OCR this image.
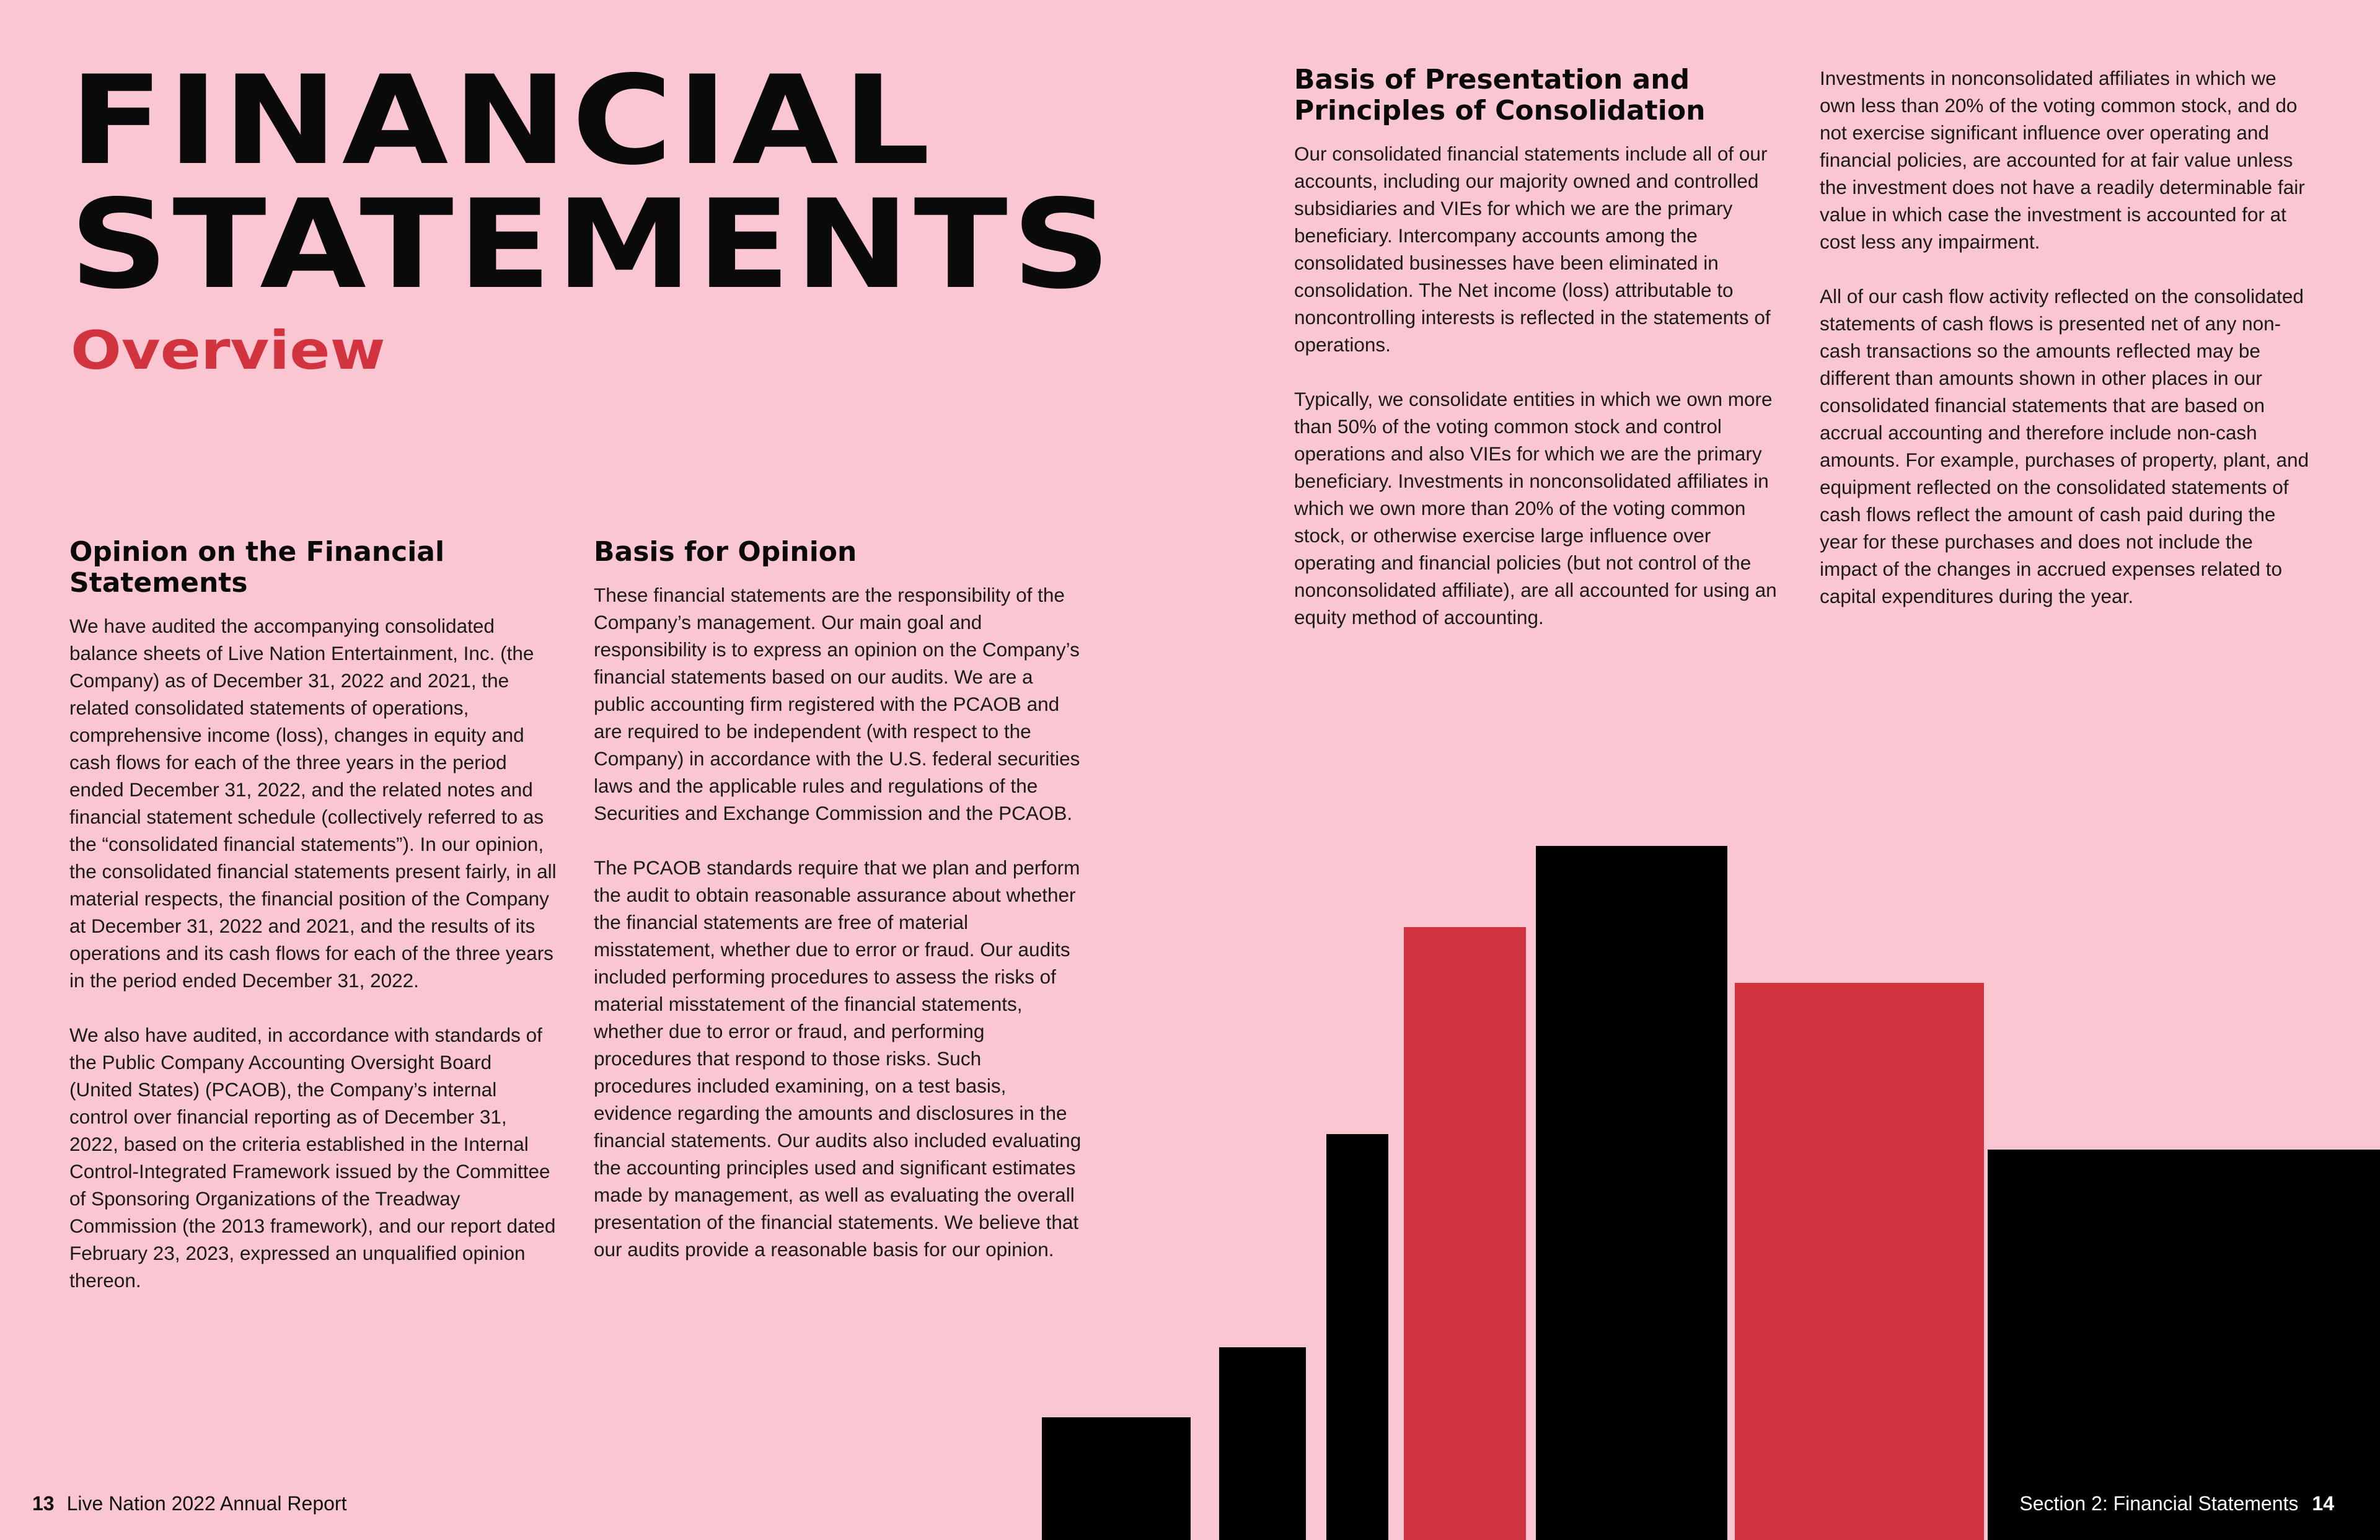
FINANCIAL
STATEMENTS
Overview
Opinion on the Financial Statements

We have audited the accompanying consolidated balance sheets of Live Nation Entertainment, Inc. (the Company) as of December 31, 2022 and 2021, the related consolidated statements of operations, comprehensive income (loss), changes in equity and cash flows for each of the three years in the period ended December 31, 2022, and the related notes and financial statement schedule (collectively referred to as the “consolidated financial statements”). In our opinion, the consolidated financial statements present fairly, in all material respects, the financial position of the Company at December 31, 2022 and 2021, and the results of its operations and its cash flows for each of the three years in the period ended December 31, 2022.

We also have audited, in accordance with standards of the Public Company Accounting Oversight Board (United States) (PCAOB), the Company’s internal control over financial reporting as of December 31, 2022, based on the criteria established in the Internal Control-Integrated Framework issued by the Committee of Sponsoring Organizations of the Treadway Commission (the 2013 framework), and our report dated February 23, 2023, expressed an unqualified opinion thereon.

Basis for Opinion

These financial statements are the responsibility of the Company’s management. Our main goal and responsibility is to express an opinion on the Company’s financial statements based on our audits. We are a public accounting firm registered with the PCAOB and are required to be independent (with respect to the Company) in accordance with the U.S. federal securities laws and the applicable rules and regulations of the Securities and Exchange Commission and the PCAOB.

The PCAOB standards require that we plan and perform the audit to obtain reasonable assurance about whether the financial statements are free of material misstatement, whether due to error or fraud. Our audits included performing procedures to assess the risks of material misstatement of the financial statements, whether due to error or fraud, and performing procedures that respond to those risks. Such procedures included examining, on a test basis, evidence regarding the amounts and disclosures in the financial statements. Our audits also included evaluating the accounting principles used and significant estimates made by management, as well as evaluating the overall presentation of the financial statements. We believe that our audits provide a reasonable basis for our opinion.

Basis of Presentation and Principles of Consolidation

Our consolidated financial statements include all of our accounts, including our majority owned and controlled subsidiaries and VIEs for which we are the primary beneficiary. Intercompany accounts among the consolidated businesses have been eliminated in consolidation. The Net income (loss) attributable to noncontrolling interests is reflected in the statements of operations.

Typically, we consolidate entities in which we own more than 50% of the voting common stock and control operations and also VIEs for which we are the primary beneficiary. Investments in nonconsolidated affiliates in which we own more than 20% of the voting common stock, or otherwise exercise large influence over operating and financial policies (but not control of the nonconsolidated affiliate), are all accounted for using an equity method of accounting.

Investments in nonconsolidated affiliates in which we own less than 20% of the voting common stock, and do not exercise significant influence over operating and financial policies, are accounted for at fair value unless the investment does not have a readily determinable fair value in which case the investment is accounted for at cost less any impairment.

All of our cash flow activity reflected on the consolidated statements of cash flows is presented net of any non-cash transactions so the amounts reflected may be different than amounts shown in other places in our consolidated financial statements that are based on accrual accounting and therefore include non-cash amounts. For example, purchases of property, plant, and equipment reflected on the consolidated statements of cash flows reflect the amount of cash paid during the year for these purchases and does not include the impact of the changes in accrued expenses related to capital expenditures during the year.

13 Live Nation 2022 Annual Report	Section 2: Financial Statements 14
